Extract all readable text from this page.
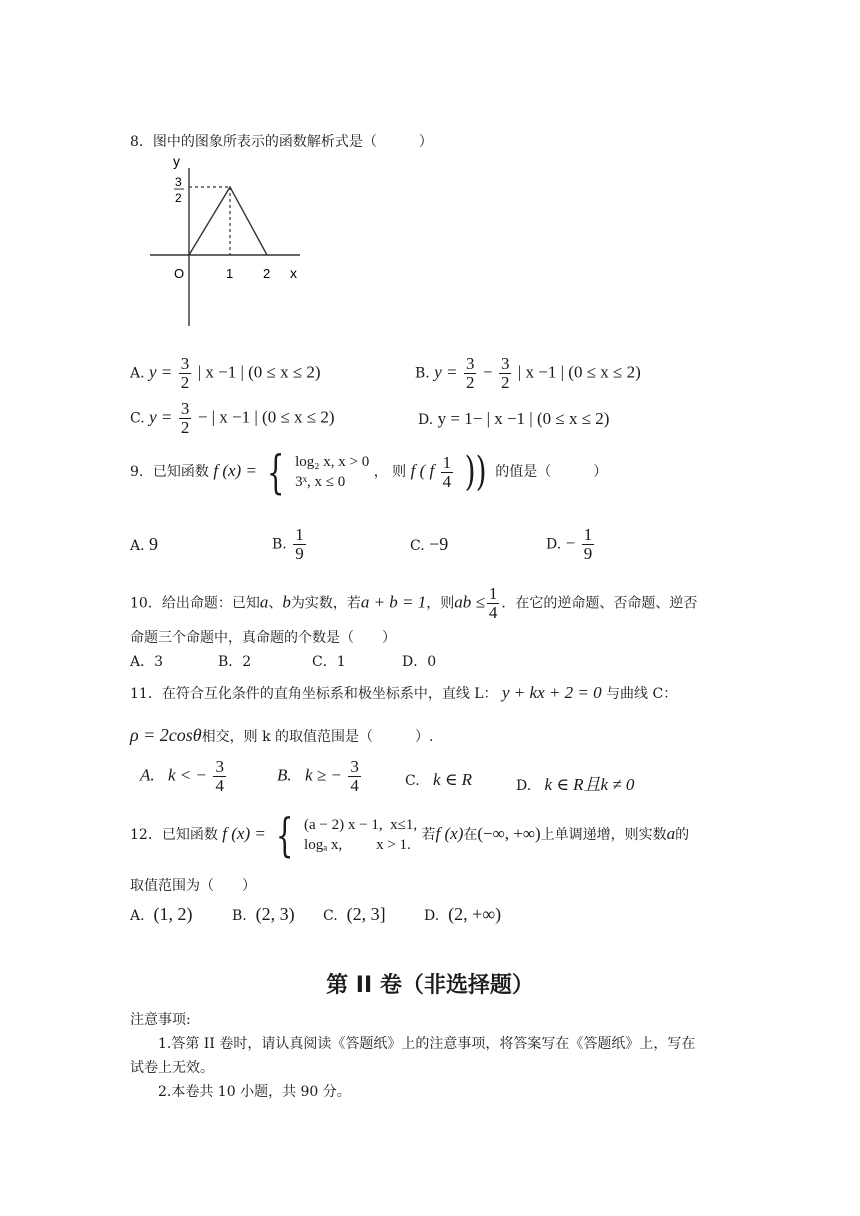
8．图中的图象所表示的函数解析式是（　　　）
y
x
O	1 2
3
2
A. $y = \frac{3}{2}$ | x −1 | (0 ≤ x ≤ 2)	B. $y = \frac{3}{2} - \frac{3}{2}$ | x −1 | (0 ≤ x ≤ 2)
C. $y = \frac{3}{2}$ − | x −1 | (0 ≤ x ≤ 2)	D. y = 1− | x −1 | (0 ≤ x ≤ 2)
9．已知函数 f (x) = { log₂ x, x > 0
3ˣ, x ≤ 0
， 则 f ( f $\frac{1}{4}$ )) 的值是（　　　）
A. 9	B. $\frac{1}{9}$	C. −9	D. − $\frac{1}{9}$
10．给出命题：已知a、b为实数，若a + b = 1，则ab ≤ $\frac{1}{4}$ ．在它的逆命题、否命题、逆否
命题三个命题中，真命题的个数是（　　）
A．3	B．2	C．1	D．0
11．在符合互化条件的直角坐标系和极坐标系中，直线 L： y + kx + 2 = 0 与曲线 C：
ρ = 2cosθ相交，则 k 的取值范围是（　　　）.
A. k < − $\frac{3}{4}$	B. k ≥ − $\frac{3}{4}$	C. k ∈ R	D. k ∈ R且k ≠ 0
12．已知函数 f (x) = { (a − 2) x − 1, x≤1,
logₐ x, x > 1.
若f (x)在(−∞, +∞)上单调递增，则实数a的
取值范围为（　　）
A. (1, 2)	B. (2, 3) C. (2, 3]	D. (2, +∞)
第 II 卷（非选择题）
注意事项:
1.答第 II 卷时，请认真阅读《答题纸》上的注意事项，将答案写在《答题纸》上，写在
试卷上无效。
2.本卷共 10 小题，共 90 分。
